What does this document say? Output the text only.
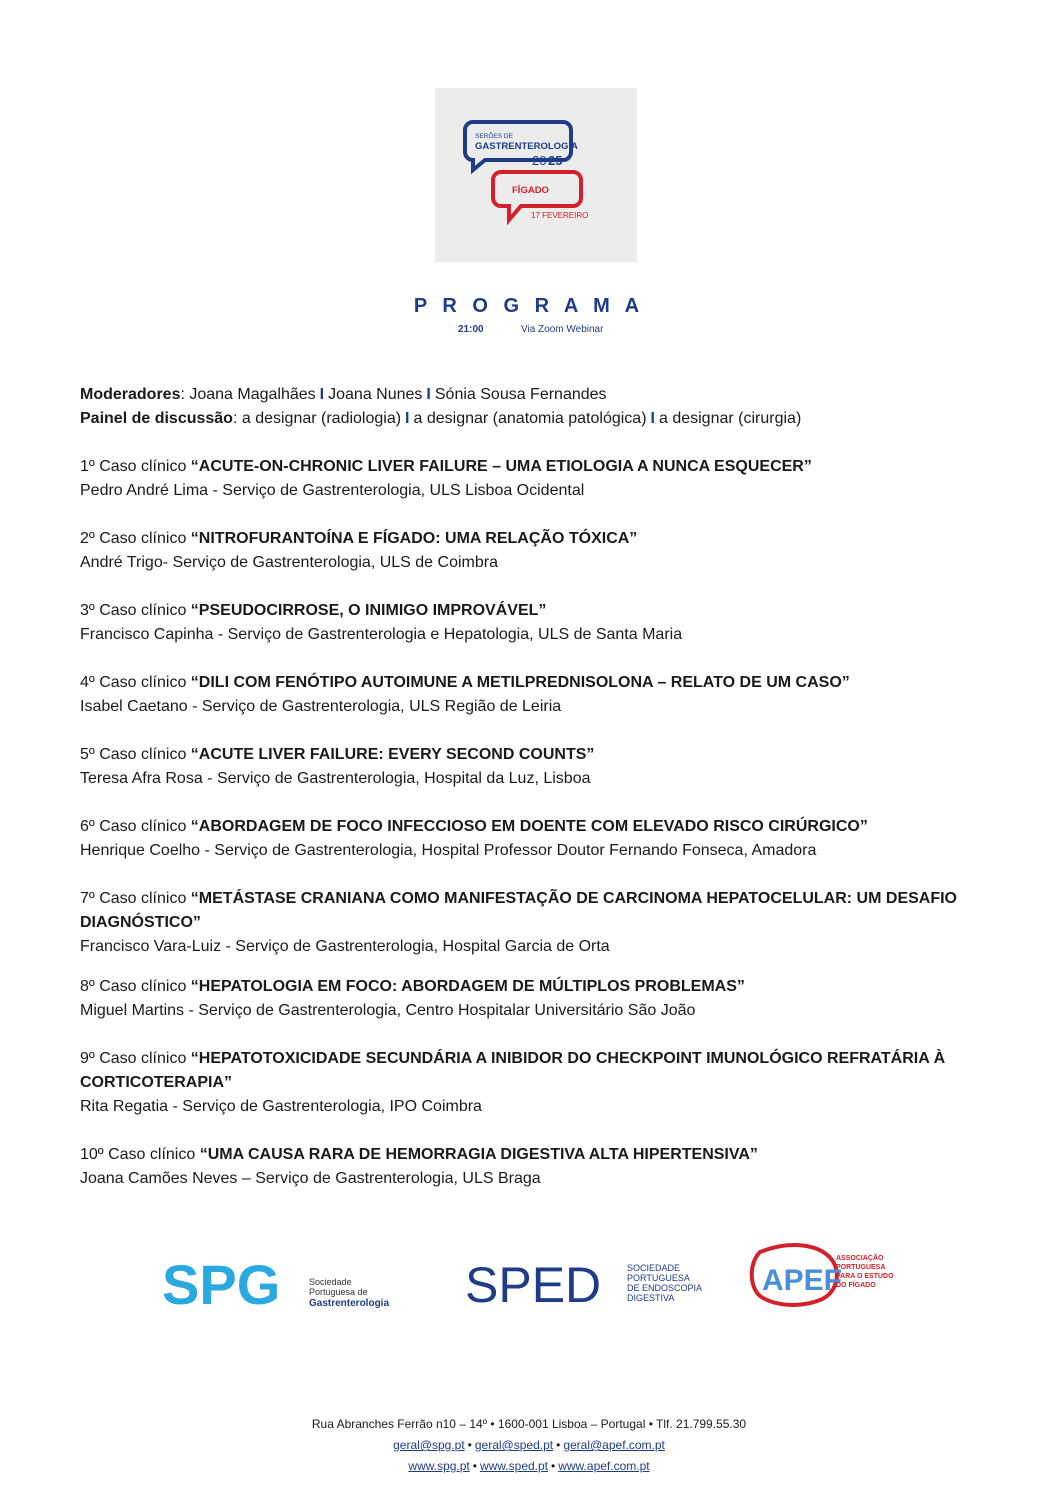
SERÕES DE
GASTRENTEROLOGIA
20 25
FÍGADO
17 FEVEREIRO
P R O G R A M A
21:00	Via Zoom Webinar

Moderadores: Joana Magalhães I Joana Nunes I Sónia Sousa Fernandes

Painel de discussão: a designar (radiologia) I a designar (anatomia patológica) I a designar (cirurgia)

1º Caso clínico “ACUTE-ON-CHRONIC LIVER FAILURE – UMA ETIOLOGIA A NUNCA ESQUECER”

Pedro André Lima - Serviço de Gastrenterologia, ULS Lisboa Ocidental

2º Caso clínico “NITROFURANTOÍNA E FÍGADO: UMA RELAÇÃO TÓXICA”

André Trigo- Serviço de Gastrenterologia, ULS de Coimbra

3º Caso clínico “PSEUDOCIRROSE, O INIMIGO IMPROVÁVEL”

Francisco Capinha - Serviço de Gastrenterologia e Hepatologia, ULS de Santa Maria

4º Caso clínico “DILI COM FENÓTIPO AUTOIMUNE A METILPREDNISOLONA – RELATO DE UM CASO”

Isabel Caetano - Serviço de Gastrenterologia, ULS Região de Leiria

5º Caso clínico “ACUTE LIVER FAILURE: EVERY SECOND COUNTS”

Teresa Afra Rosa - Serviço de Gastrenterologia, Hospital da Luz, Lisboa

6º Caso clínico “ABORDAGEM DE FOCO INFECCIOSO EM DOENTE COM ELEVADO RISCO CIRÚRGICO”

Henrique Coelho - Serviço de Gastrenterologia, Hospital Professor Doutor Fernando Fonseca, Amadora

7º Caso clínico “METÁSTASE CRANIANA COMO MANIFESTAÇÃO DE CARCINOMA HEPATOCELULAR: UM DESAFIO DIAGNÓSTICO”

Francisco Vara-Luiz - Serviço de Gastrenterologia, Hospital Garcia de Orta

8º Caso clínico “HEPATOLOGIA EM FOCO: ABORDAGEM DE MÚLTIPLOS PROBLEMAS”

Miguel Martins - Serviço de Gastrenterologia, Centro Hospitalar Universitário São João

9º Caso clínico “HEPATOTOXICIDADE SECUNDÁRIA A INIBIDOR DO CHECKPOINT IMUNOLÓGICO REFRATÁRIA À CORTICOTERAPIA”

Rita Regatia - Serviço de Gastrenterologia, IPO Coimbra

10º Caso clínico “UMA CAUSA RARA DE HEMORRAGIA DIGESTIVA ALTA HIPERTENSIVA”

Joana Camões Neves – Serviço de Gastrenterologia, ULS Braga

SPG	Sociedade
Portuguesa de
Gastrenterologia SPED	SOCIEDADE
PORTUGUESA
DE ENDOSCOPIA
DIGESTIVA
APEF
ASSOCIAÇÃO
PORTUGUESA
PARA O ESTUDO
DO FÍGADO
Rua Abranches Ferrão n10 – 14º • 1600-001 Lisboa – Portugal • Tlf. 21.799.55.30
geral@spg.pt • geral@sped.pt • geral@apef.com.pt
www.spg.pt • www.sped.pt • www.apef.com.pt
